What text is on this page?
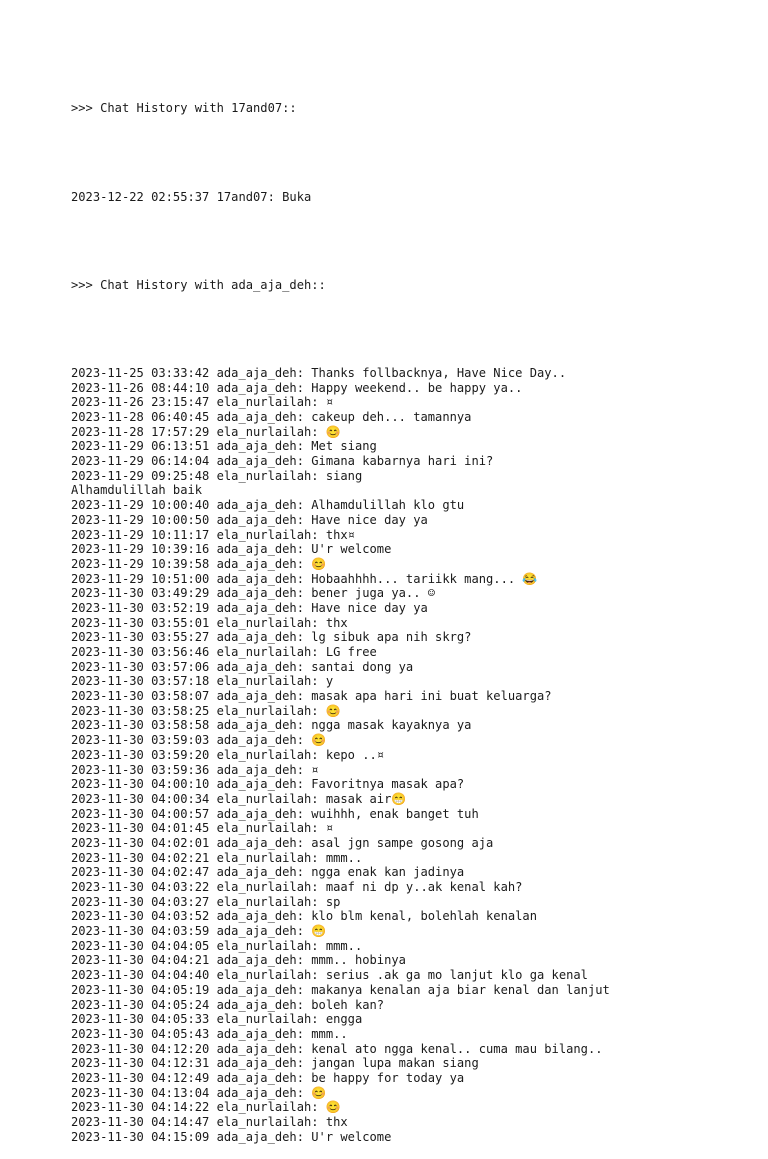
>>> Chat History with 17and07::

2023-12-22 02:55:37 17and07: Buka

>>> Chat History with ada_aja_deh::

2023-11-25 03:33:42 ada_aja_deh: Thanks follbacknya, Have Nice Day..
2023-11-26 08:44:10 ada_aja_deh: Happy weekend.. be happy ya..
2023-11-26 23:15:47 ela_nurlailah: ¤
2023-11-28 06:40:45 ada_aja_deh: cakeup deh... tamannya
2023-11-28 17:57:29 ela_nurlailah: 😊
2023-11-29 06:13:51 ada_aja_deh: Met siang
2023-11-29 06:14:04 ada_aja_deh: Gimana kabarnya hari ini?
2023-11-29 09:25:48 ela_nurlailah: siang
Alhamdulillah baik
2023-11-29 10:00:40 ada_aja_deh: Alhamdulillah klo gtu
2023-11-29 10:00:50 ada_aja_deh: Have nice day ya
2023-11-29 10:11:17 ela_nurlailah: thx¤
2023-11-29 10:39:16 ada_aja_deh: U'r welcome
2023-11-29 10:39:58 ada_aja_deh: 😊
2023-11-29 10:51:00 ada_aja_deh: Hobaahhhh... tariikk mang... 😂
2023-11-30 03:49:29 ada_aja_deh: bener juga ya.. ☺
2023-11-30 03:52:19 ada_aja_deh: Have nice day ya
2023-11-30 03:55:01 ela_nurlailah: thx
2023-11-30 03:55:27 ada_aja_deh: lg sibuk apa nih skrg?
2023-11-30 03:56:46 ela_nurlailah: LG free
2023-11-30 03:57:06 ada_aja_deh: santai dong ya
2023-11-30 03:57:18 ela_nurlailah: y
2023-11-30 03:58:07 ada_aja_deh: masak apa hari ini buat keluarga?
2023-11-30 03:58:25 ela_nurlailah: 😊
2023-11-30 03:58:58 ada_aja_deh: ngga masak kayaknya ya
2023-11-30 03:59:03 ada_aja_deh: 😊
2023-11-30 03:59:20 ela_nurlailah: kepo ..¤
2023-11-30 03:59:36 ada_aja_deh: ¤
2023-11-30 04:00:10 ada_aja_deh: Favoritnya masak apa?
2023-11-30 04:00:34 ela_nurlailah: masak air😁
2023-11-30 04:00:57 ada_aja_deh: wuihhh, enak banget tuh
2023-11-30 04:01:45 ela_nurlailah: ¤
2023-11-30 04:02:01 ada_aja_deh: asal jgn sampe gosong aja
2023-11-30 04:02:21 ela_nurlailah: mmm..
2023-11-30 04:02:47 ada_aja_deh: ngga enak kan jadinya
2023-11-30 04:03:22 ela_nurlailah: maaf ni dp y..ak kenal kah?
2023-11-30 04:03:27 ela_nurlailah: sp
2023-11-30 04:03:52 ada_aja_deh: klo blm kenal, bolehlah kenalan
2023-11-30 04:03:59 ada_aja_deh: 😁
2023-11-30 04:04:05 ela_nurlailah: mmm..
2023-11-30 04:04:21 ada_aja_deh: mmm.. hobinya
2023-11-30 04:04:40 ela_nurlailah: serius .ak ga mo lanjut klo ga kenal
2023-11-30 04:05:19 ada_aja_deh: makanya kenalan aja biar kenal dan lanjut
2023-11-30 04:05:24 ada_aja_deh: boleh kan?
2023-11-30 04:05:33 ela_nurlailah: engga
2023-11-30 04:05:43 ada_aja_deh: mmm..
2023-11-30 04:12:20 ada_aja_deh: kenal ato ngga kenal.. cuma mau bilang..
2023-11-30 04:12:31 ada_aja_deh: jangan lupa makan siang
2023-11-30 04:12:49 ada_aja_deh: be happy for today ya
2023-11-30 04:13:04 ada_aja_deh: 😊
2023-11-30 04:14:22 ela_nurlailah: 😊
2023-11-30 04:14:47 ela_nurlailah: thx
2023-11-30 04:15:09 ada_aja_deh: U'r welcome
